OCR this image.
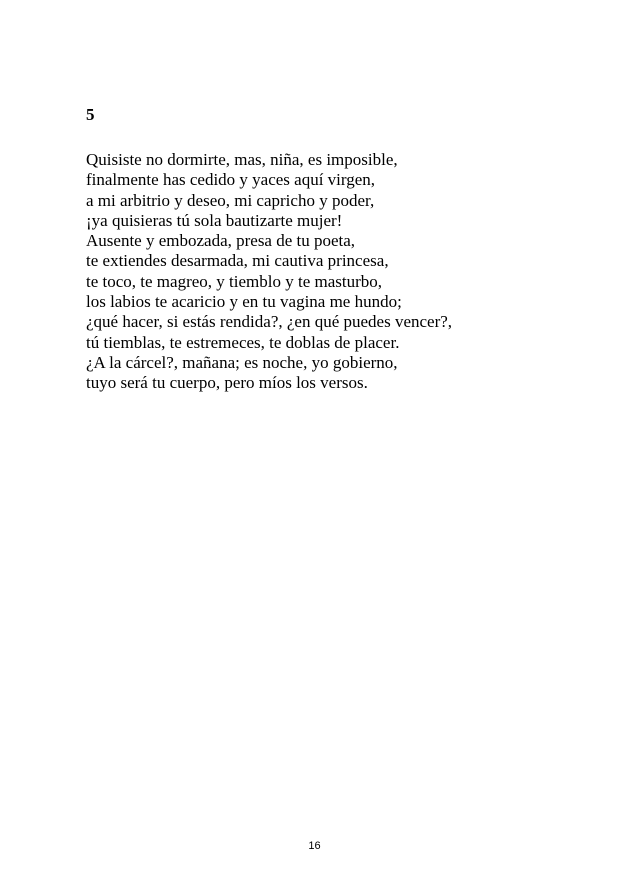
5
Quisiste no dormirte, mas, niña, es imposible,
finalmente has cedido y yaces aquí virgen,
a mi arbitrio y deseo, mi capricho y poder,
¡ya quisieras tú sola bautizarte mujer!
Ausente y embozada, presa de tu poeta,
te extiendes desarmada, mi cautiva princesa,
te toco, te magreo, y tiemblo y te masturbo,
los labios te acaricio y en tu vagina me hundo;
¿qué hacer, si estás rendida?, ¿en qué puedes vencer?,
tú tiemblas, te estremeces, te doblas de placer.
¿A la cárcel?, mañana; es noche, yo gobierno,
tuyo será tu cuerpo, pero míos los versos.
16
